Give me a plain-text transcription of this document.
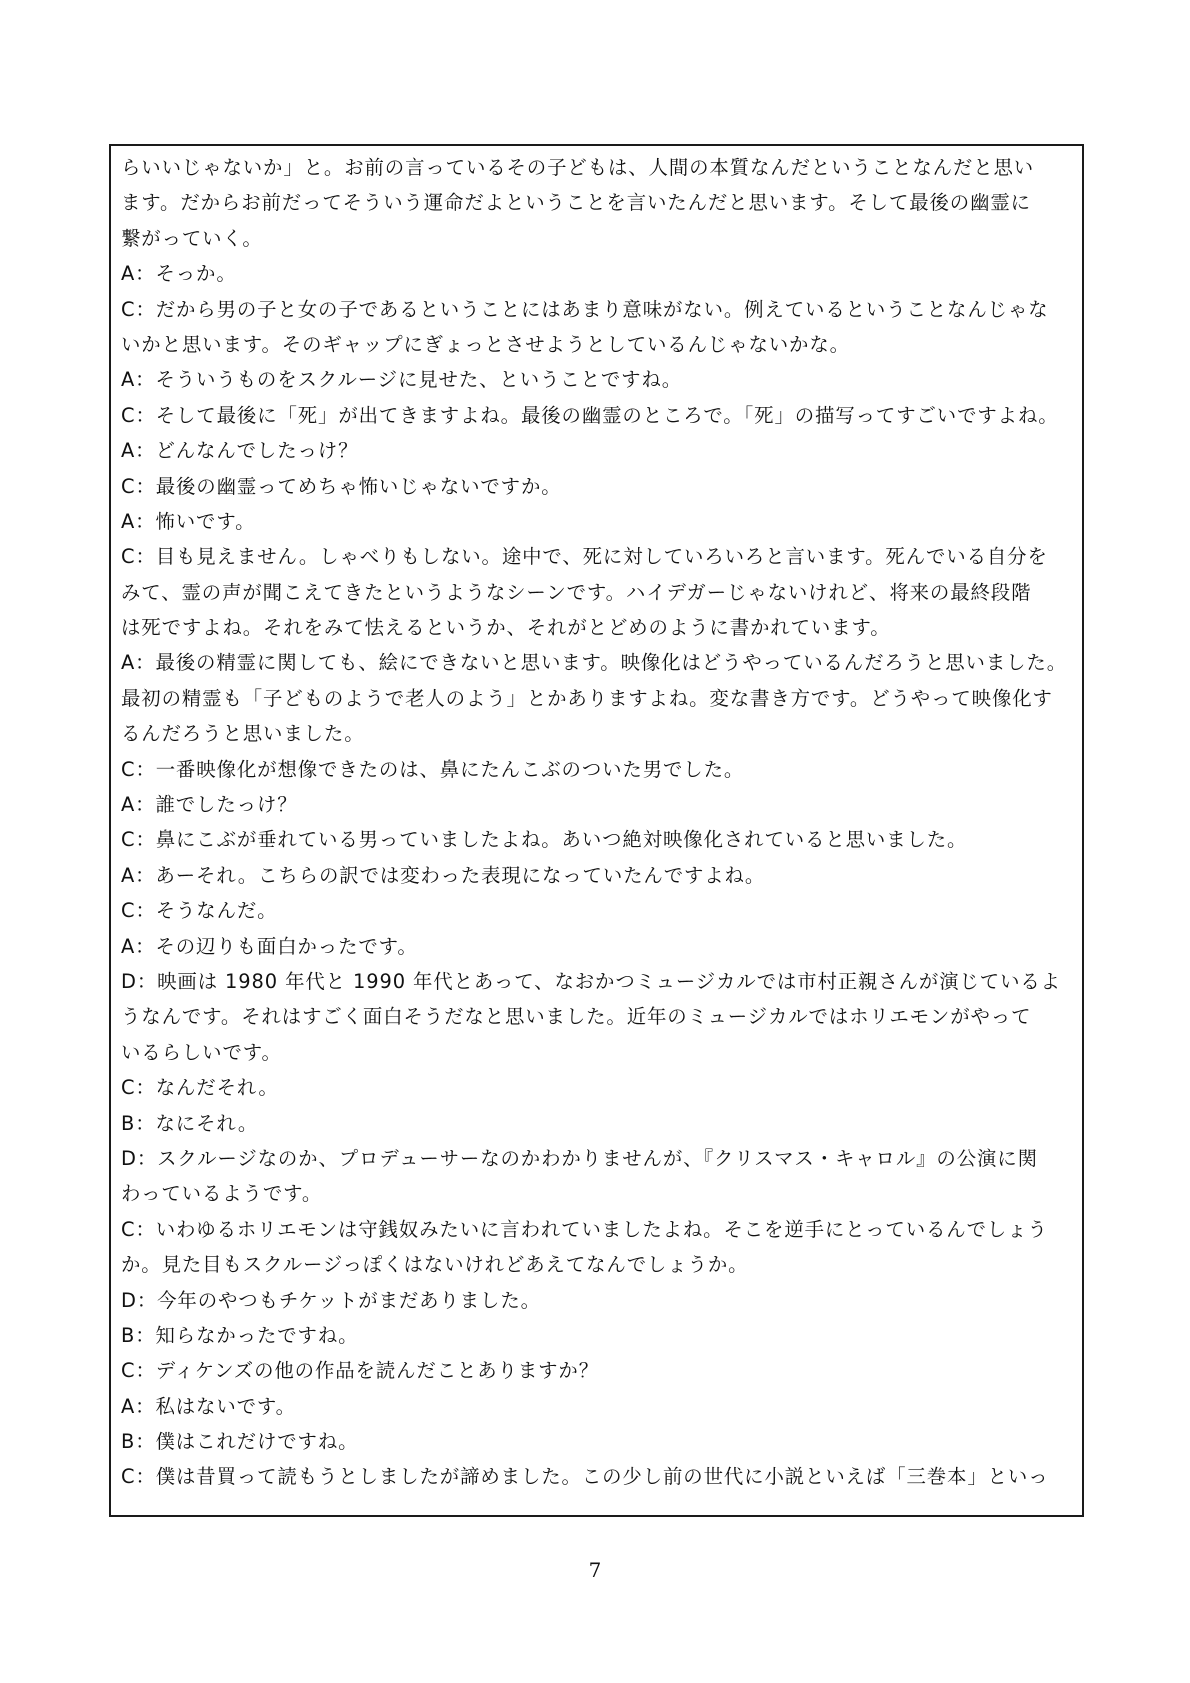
らいいじゃないか」と。お前の言っているその子どもは、人間の本質なんだということなんだと思い
ます。だからお前だってそういう運命だよということを言いたんだと思います。そして最後の幽霊に
繋がっていく。
A：そっか。
C：だから男の子と女の子であるということにはあまり意味がない。例えているということなんじゃな
いかと思います。そのギャップにぎょっとさせようとしているんじゃないかな。
A：そういうものをスクルージに見せた、ということですね。
C：そして最後に「死」が出てきますよね。最後の幽霊のところで。「死」の描写ってすごいですよね。
A：どんなんでしたっけ？
C：最後の幽霊ってめちゃ怖いじゃないですか。
A：怖いです。
C：目も見えません。しゃべりもしない。途中で、死に対していろいろと言います。死んでいる自分を
みて、霊の声が聞こえてきたというようなシーンです。ハイデガーじゃないけれど、将来の最終段階
は死ですよね。それをみて怯えるというか、それがとどめのように書かれています。
A：最後の精霊に関しても、絵にできないと思います。映像化はどうやっているんだろうと思いました。
最初の精霊も「子どものようで老人のよう」とかありますよね。変な書き方です。どうやって映像化す
るんだろうと思いました。
C：一番映像化が想像できたのは、鼻にたんこぶのついた男でした。
A：誰でしたっけ？
C：鼻にこぶが垂れている男っていましたよね。あいつ絶対映像化されていると思いました。
A：あーそれ。こちらの訳では変わった表現になっていたんですよね。
C：そうなんだ。
A：その辺りも面白かったです。
D：映画は 1980 年代と 1990 年代とあって、なおかつミュージカルでは市村正親さんが演じているよ
うなんです。それはすごく面白そうだなと思いました。近年のミュージカルではホリエモンがやって
いるらしいです。
C：なんだそれ。
B：なにそれ。
D：スクルージなのか、プロデューサーなのかわかりませんが、『クリスマス・キャロル』の公演に関
わっているようです。
C：いわゆるホリエモンは守銭奴みたいに言われていましたよね。そこを逆手にとっているんでしょう
か。見た目もスクルージっぽくはないけれどあえてなんでしょうか。
D：今年のやつもチケットがまだありました。
B：知らなかったですね。
C：ディケンズの他の作品を読んだことありますか？
A：私はないです。
B：僕はこれだけですね。
C：僕は昔買って読もうとしましたが諦めました。この少し前の世代に小説といえば「三巻本」といっ
7
